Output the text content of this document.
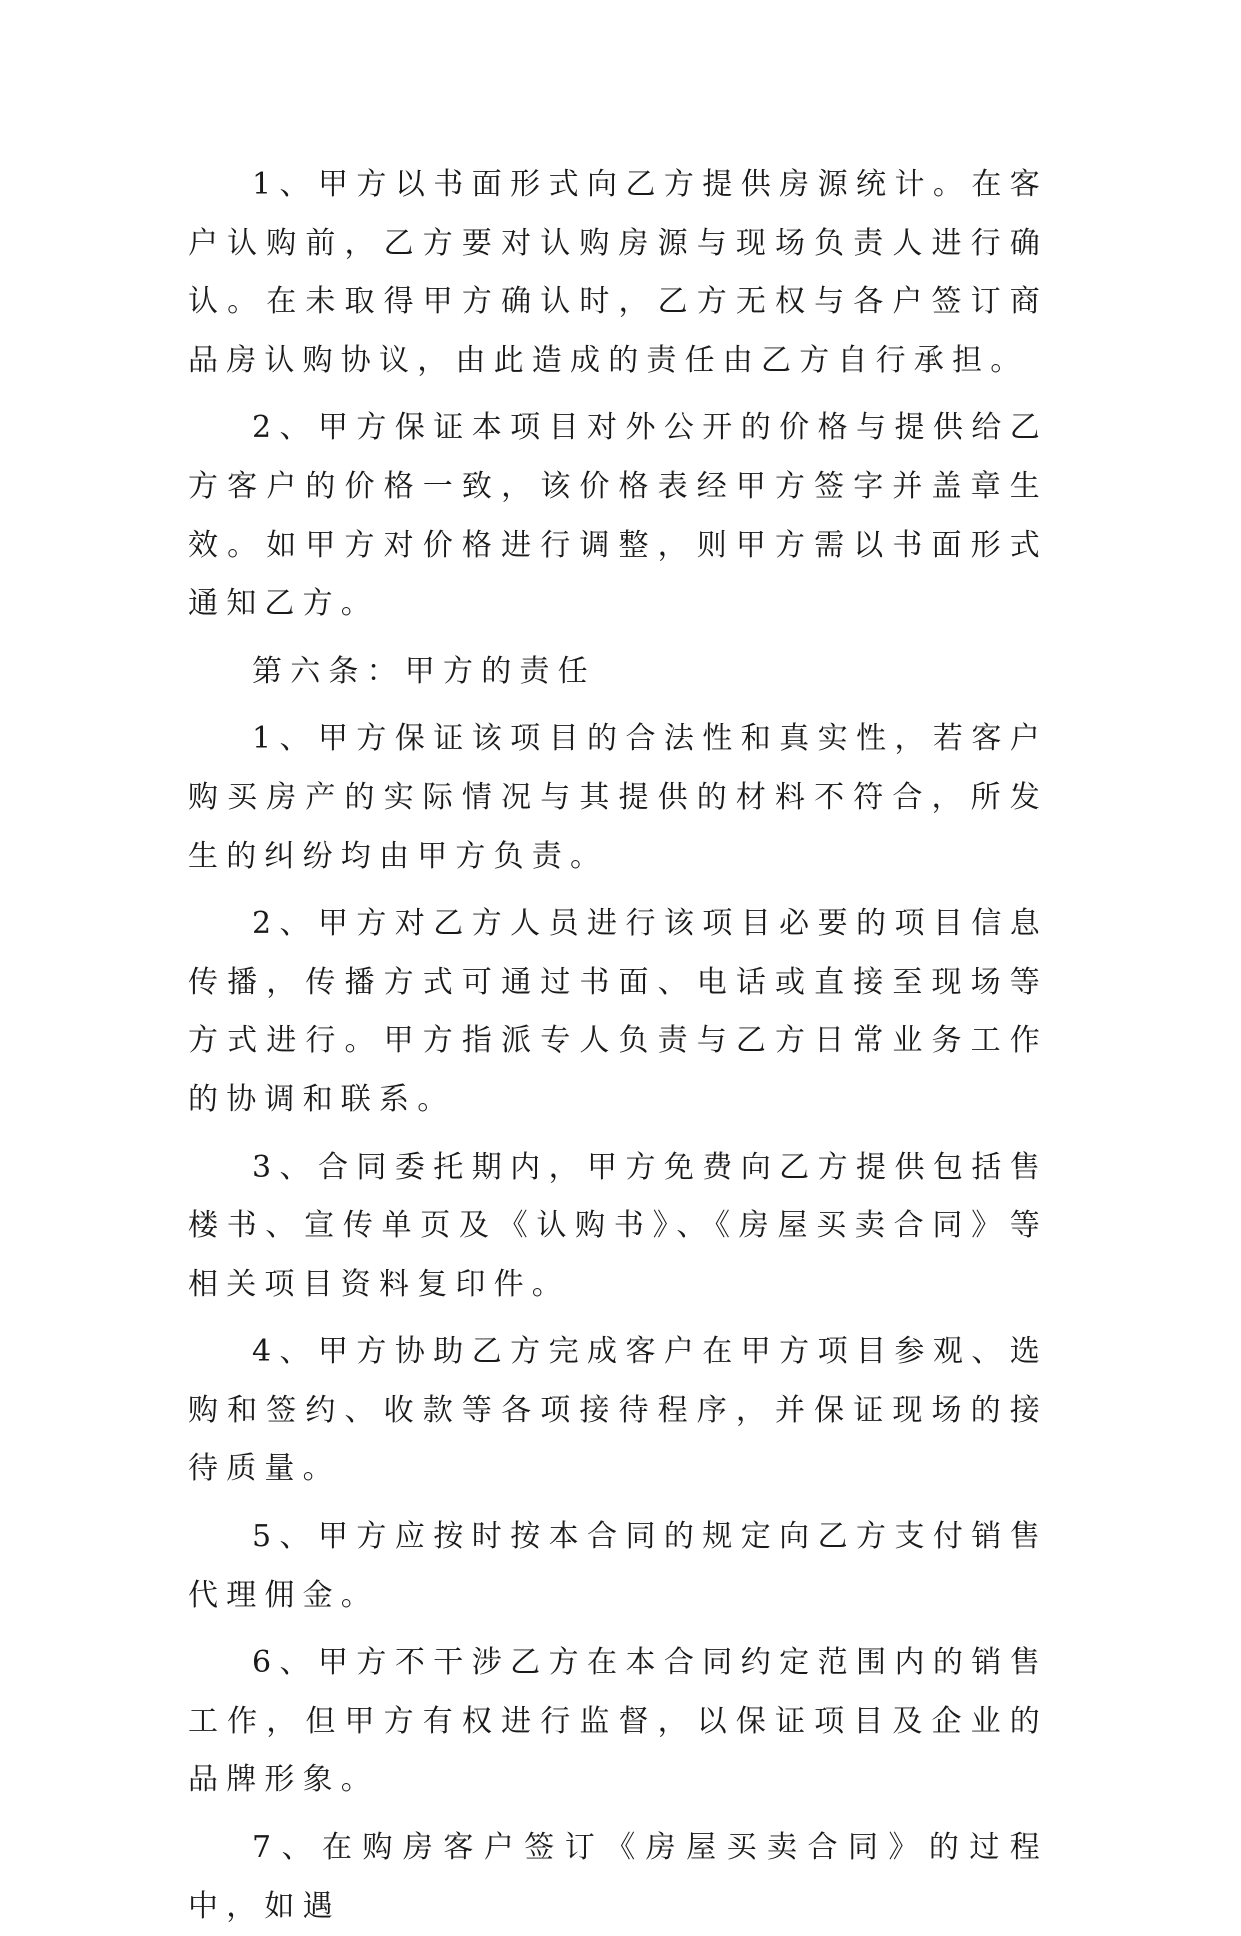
1、甲方以书面形式向乙方提供房源统计。在客户认购前，乙方要对认购房源与现场负责人进行确认。在未取得甲方确认时，乙方无权与各户签订商品房认购协议，由此造成的责任由乙方自行承担。

2、甲方保证本项目对外公开的价格与提供给乙方客户的价格一致，该价格表经甲方签字并盖章生效。如甲方对价格进行调整，则甲方需以书面形式通知乙方。

第六条：甲方的责任

1、甲方保证该项目的合法性和真实性，若客户购买房产的实际情况与其提供的材料不符合，所发生的纠纷均由甲方负责。

2、甲方对乙方人员进行该项目必要的项目信息传播，传播方式可通过书面、电话或直接至现场等方式进行。甲方指派专人负责与乙方日常业务工作的协调和联系。

3、合同委托期内，甲方免费向乙方提供包括售楼书、宣传单页及《认购书》、《房屋买卖合同》等相关项目资料复印件。

4、甲方协助乙方完成客户在甲方项目参观、选购和签约、收款等各项接待程序，并保证现场的接待质量。

5、甲方应按时按本合同的规定向乙方支付销售代理佣金。

6、甲方不干涉乙方在本合同约定范围内的销售工作，但甲方有权进行监督，以保证项目及企业的品牌形象。

7、在购房客户签订《房屋买卖合同》的过程中，如遇
